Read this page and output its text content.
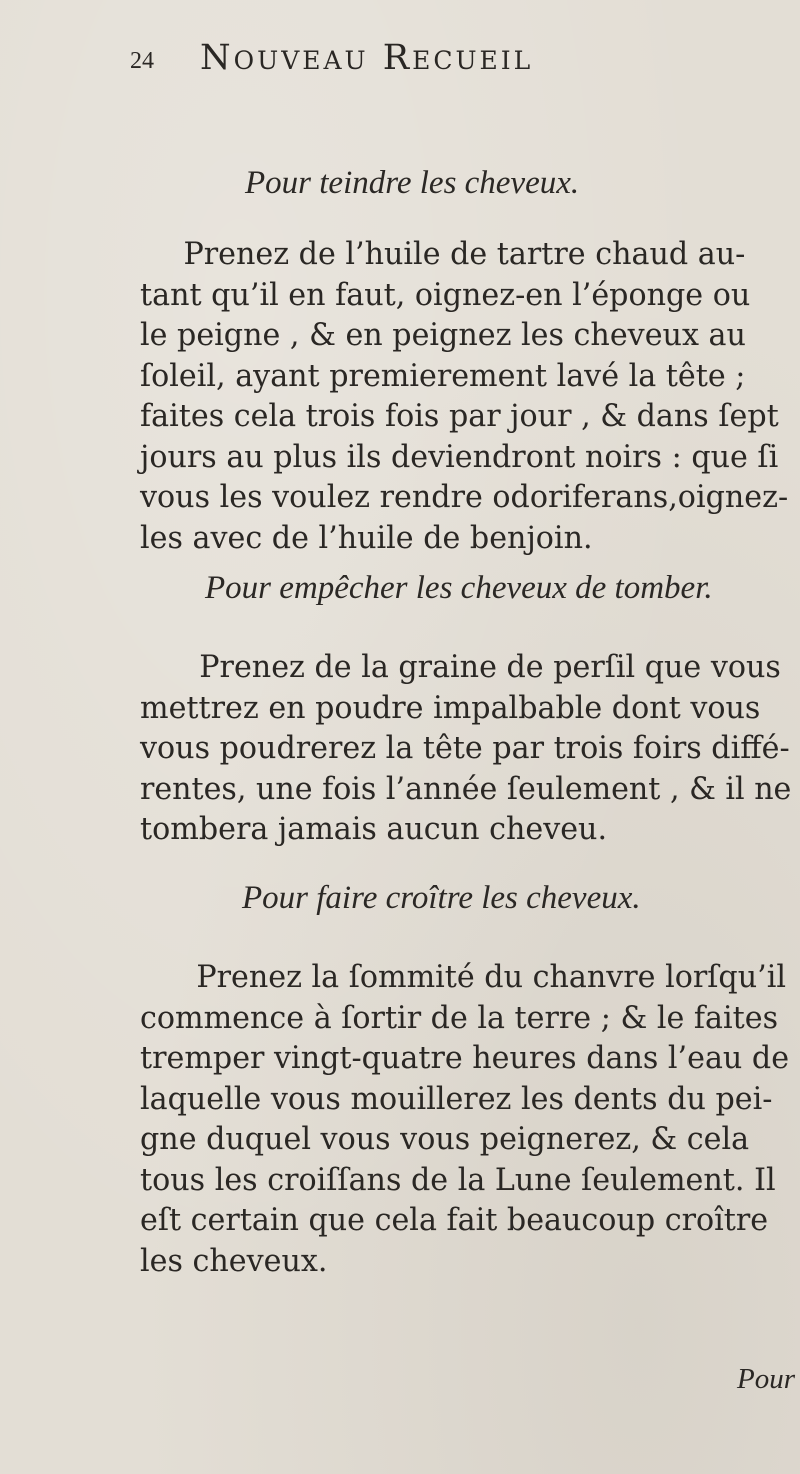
24 Nouveau Recueil
Pour teindre les cheveux.
Prenez de l’huile de tartre chaud au-
tant qu’il en faut, oignez-en l’éponge ou
le peigne , & en peignez les cheveux au
ſoleil, ayant premierement lavé la tête ;
faites cela trois fois par jour , & dans ſept
jours au plus ils deviendront noirs : que ſi
vous les voulez rendre odoriferans,oignez-
les avec de l’huile de benjoin.
Pour empêcher les cheveux de tomber.
Prenez de la graine de perſil que vous
mettrez en poudre impalbable dont vous
vous poudrerez la tête par trois foirs diffé-
rentes, une fois l’année ſeulement , & il ne
tombera jamais aucun cheveu.
Pour faire croître les cheveux.
Prenez la ſommité du chanvre lorſqu’il
commence à ſortir de la terre ; & le faites
tremper vingt-quatre heures dans l’eau de
laquelle vous mouillerez les dents du pei-
gne duquel vous vous peignerez, & cela
tous les croiſſans de la Lune ſeulement. Il
eſt certain que cela fait beaucoup croître
les cheveux.
Pour
